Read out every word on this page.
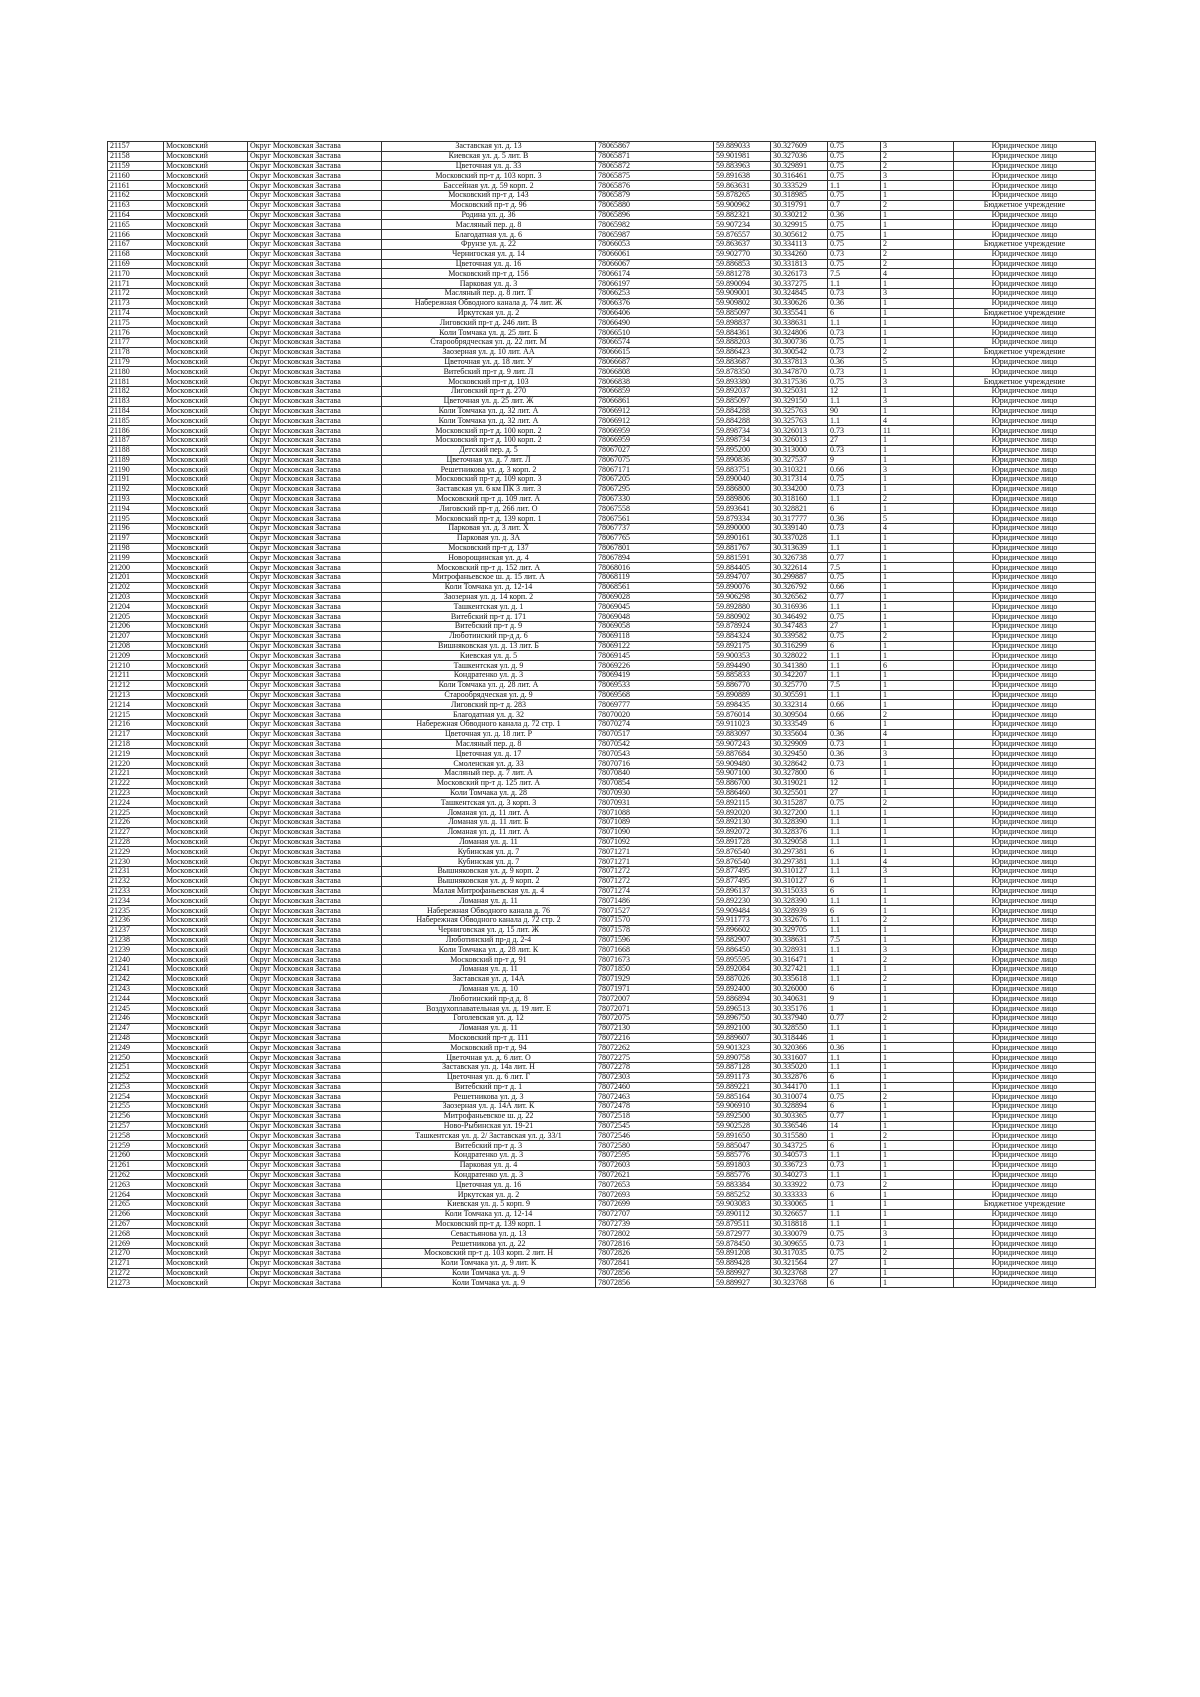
21157	Московский	Округ Московская Застава	Заставская ул. д. 13	78065867	59.889033	30.327609	0.75	3	Юридическое лицо
21158	Московский	Округ Московская Застава	Киевская ул. д. 5 лит. В	78065871	59.901981	30.327036	0.75	2	Юридическое лицо
21159	Московский	Округ Московская Застава	Цветочная ул. д. 33	78065872	59.883963	30.329891	0.75	2	Юридическое лицо
21160	Московский	Округ Московская Застава	Московский пр-т д. 103 корп. 3	78065875	59.891638	30.316461	0.75	3	Юридическое лицо
21161	Московский	Округ Московская Застава	Бассейная ул. д. 59 корп. 2	78065876	59.863631	30.333529	1.1	1	Юридическое лицо
21162	Московский	Округ Московская Застава	Московский пр-т д. 143	78065879	59.878265	30.318985	0.75	1	Юридическое лицо
21163	Московский	Округ Московская Застава	Московский пр-т д. 96	78065880	59.900962	30.319791	0.7	2	Бюджетное учреждение
21164	Московский	Округ Московская Застава	Родина ул. д. 36	78065896	59.882321	30.330212	0.36	1	Юридическое лицо
21165	Московский	Округ Московская Застава	Масляный пер. д. 8	78065982	59.907234	30.329915	0.75	1	Юридическое лицо
21166	Московский	Округ Московская Застава	Благодатная ул. д. 6	78065987	59.876557	30.305612	0.75	1	Юридическое лицо
21167	Московский	Округ Московская Застава	Фрунзе ул. д. 22	78066053	59.863637	30.334113	0.75	2	Бюджетное учреждение
21168	Московский	Округ Московская Застава	Чернигоская ул. д. 14	78066061	59.902770	30.334260	0.73	2	Юридическое лицо
21169	Московский	Округ Московская Застава	Цветочная ул. д. 16	78066067	59.886853	30.331813	0.75	2	Юридическое лицо
21170	Московский	Округ Московская Застава	Московский пр-т д. 156	78066174	59.881278	30.326173	7.5	4	Юридическое лицо
21171	Московский	Округ Московская Застава	Парковая ул. д. 3	78066197	59.890094	30.337275	1.1	1	Юридическое лицо
21172	Московский	Округ Московская Застава	Масляный пер. д. 8 лит. Т	78066253	59.909001	30.324845	0.73	3	Юридическое лицо
21173	Московский	Округ Московская Застава	Набережная Обводного канала д. 74 лит. Ж	78066376	59.909802	30.330626	0.36	1	Юридическое лицо
21174	Московский	Округ Московская Застава	Иркутская ул. д. 2	78066406	59.885097	30.335541	6	1	Бюджетное учреждение
21175	Московский	Округ Московская Застава	Лиговский пр-т д. 246 лит. В	78066490	59.898837	30.338631	1.1	1	Юридическое лицо
21176	Московский	Округ Московская Застава	Коли Томчака ул. д. 25 лит. Б	78066510	59.884361	30.324806	0.73	1	Юридическое лицо
21177	Московский	Округ Московская Застава	Старообрядческая ул. д. 22 лит. М	78066574	59.888203	30.300736	0.75	1	Юридическое лицо
21178	Московский	Округ Московская Застава	Заозерная ул. д. 10 лит. АА	78066615	59.886423	30.300542	0.73	2	Бюджетное учреждение
21179	Московский	Округ Московская Застава	Цветочная ул. д. 18 лит. У	78066687	59.883687	30.337813	0.36	5	Юридическое лицо
21180	Московский	Округ Московская Застава	Витебский пр-т д. 9 лит. Л	78066808	59.878350	30.347870	0.73	1	Юридическое лицо
21181	Московский	Округ Московская Застава	Московский пр-т д. 103	78066838	59.893380	30.317536	0.75	3	Бюджетное учреждение
21182	Московский	Округ Московская Застава	Лиговский пр-т д. 270	78066859	59.892037	30.325031	12	1	Юридическое лицо
21183	Московский	Округ Московская Застава	Цветочная ул. д. 25 лит. Ж	78066861	59.885097	30.329150	1.1	3	Юридическое лицо
21184	Московский	Округ Московская Застава	Коли Томчака ул. д. 32 лит. А	78066912	59.884288	30.325763	90	1	Юридическое лицо
21185	Московский	Округ Московская Застава	Коли Томчака ул. д. 32 лит. А	78066912	59.884288	30.325763	1.1	4	Юридическое лицо
21186	Московский	Округ Московская Застава	Московский пр-т д. 100 корп. 2	78066959	59.898734	30.326013	0.73	11	Юридическое лицо
21187	Московский	Округ Московская Застава	Московский пр-т д. 100 корп. 2	78066959	59.898734	30.326013	27	1	Юридическое лицо
21188	Московский	Округ Московская Застава	Детский пер. д. 5	78067027	59.895200	30.313000	0.73	1	Юридическое лицо
21189	Московский	Округ Московская Застава	Цветочная ул. д. 7 лит. Л	78067075	59.890836	30.327537	9	1	Юридическое лицо
21190	Московский	Округ Московская Застава	Решетникова ул. д. 3 корп. 2	78067171	59.883751	30.310321	0.66	3	Юридическое лицо
21191	Московский	Округ Московская Застава	Московский пр-т д. 109 корп. 3	78067205	59.890040	30.317314	0.75	1	Юридическое лицо
21192	Московский	Округ Московская Застава	Заставская ул. 6 км ПК 3 лит. 3	78067295	59.886800	30.334200	0.73	1	Юридическое лицо
21193	Московский	Округ Московская Застава	Московский пр-т д. 109 лит. А	78067330	59.889806	30.318160	1.1	2	Юридическое лицо
21194	Московский	Округ Московская Застава	Лиговский пр-т д. 266 лит. О	78067558	59.893641	30.328821	6	1	Юридическое лицо
21195	Московский	Округ Московская Застава	Московский пр-т д. 139 корп. 1	78067561	59.879334	30.317777	0.36	5	Юридическое лицо
21196	Московский	Округ Московская Застава	Парковая ул. д. 3 лит. Х	78067737	59.890000	30.339140	0.73	4	Юридическое лицо
21197	Московский	Округ Московская Застава	Парковая ул. д. 3А	78067765	59.890161	30.337028	1.1	1	Юридическое лицо
21198	Московский	Округ Московская Застава	Московский пр-т д. 137	78067801	59.881767	30.313639	1.1	1	Юридическое лицо
21199	Московский	Округ Московская Застава	Новорощинская ул. д. 4	78067894	59.881591	30.326738	0.77	1	Юридическое лицо
21200	Московский	Округ Московская Застава	Московский пр-т д. 152 лит. А	78068016	59.884405	30.322614	7.5	1	Юридическое лицо
21201	Московский	Округ Московская Застава	Митрофаньевское ш. д. 15 лит. А	78068119	59.894707	30.299887	0.75	1	Юридическое лицо
21202	Московский	Округ Московская Застава	Коли Томчака ул. д. 12-14	78068561	59.890076	30.326792	0.66	1	Юридическое лицо
21203	Московский	Округ Московская Застава	Заозерная ул. д. 14 корп. 2	78069028	59.906298	30.326562	0.77	1	Юридическое лицо
21204	Московский	Округ Московская Застава	Ташкентская ул. д. 1	78069045	59.892880	30.316936	1.1	1	Юридическое лицо
21205	Московский	Округ Московская Застава	Витебский пр-т д. 171	78069048	59.880902	30.346492	0.75	1	Юридическое лицо
21206	Московский	Округ Московская Застава	Витебский пр-т д. 9	78069058	59.878924	30.347483	27	1	Юридическое лицо
21207	Московский	Округ Московская Застава	Люботинский пр-д д. 6	78069118	59.884324	30.339582	0.75	2	Юридическое лицо
21208	Московский	Округ Московская Застава	Вишняковская ул. д. 13 лит. Б	78069122	59.892175	30.316299	6	1	Юридическое лицо
21209	Московский	Округ Московская Застава	Киевская ул. д. 5	78069145	59.900353	30.328022	1.1	1	Юридическое лицо
21210	Московский	Округ Московская Застава	Ташкентская ул. д. 9	78069226	59.894490	30.341380	1.1	6	Юридическое лицо
21211	Московский	Округ Московская Застава	Кондратенко ул. д. 3	78069419	59.885833	30.342207	1.1	1	Юридическое лицо
21212	Московский	Округ Московская Застава	Коли Томчака ул. д. 28 лит. А	78069533	59.886770	30.325770	7.5	1	Юридическое лицо
21213	Московский	Округ Московская Застава	Старообрядческая ул. д. 9	78069568	59.890889	30.305591	1.1	1	Юридическое лицо
21214	Московский	Округ Московская Застава	Лиговский пр-т д. 283	78069777	59.898435	30.332314	0.66	1	Юридическое лицо
21215	Московский	Округ Московская Застава	Благодатная ул. д. 32	78070020	59.876014	30.309504	0.66	2	Юридическое лицо
21216	Московский	Округ Московская Застава	Набережная Обводного канала д. 72 стр. 1	78070274	59.911023	30.333549	6	1	Юридическое лицо
21217	Московский	Округ Московская Застава	Цветочная ул. д. 18 лит. Р	78070517	59.883097	30.335604	0.36	4	Юридическое лицо
21218	Московский	Округ Московская Застава	Масляный пер. д. 8	78070542	59.907243	30.329909	0.73	1	Юридическое лицо
21219	Московский	Округ Московская Застава	Цветочная ул. д. 17	78070543	59.887684	30.329450	0.36	3	Юридическое лицо
21220	Московский	Округ Московская Застава	Смоленская ул. д. 33	78070716	59.909480	30.328642	0.73	1	Юридическое лицо
21221	Московский	Округ Московская Застава	Масляный пер. д. 7 лит. А	78070840	59.907100	30.327800	6	1	Юридическое лицо
21222	Московский	Округ Московская Застава	Московский пр-т д. 125 лит. А	78070854	59.886700	30.319021	12	1	Юридическое лицо
21223	Московский	Округ Московская Застава	Коли Томчака ул. д. 28	78070930	59.886460	30.325501	27	1	Юридическое лицо
21224	Московский	Округ Московская Застава	Ташкентская ул. д. 3 корп. 3	78070931	59.892115	30.315287	0.75	2	Юридическое лицо
21225	Московский	Округ Московская Застава	Ломаная ул. д. 11 лит. А	78071088	59.892020	30.327200	1.1	1	Юридическое лицо
21226	Московский	Округ Московская Застава	Ломаная ул. д. 11 лит. Б	78071089	59.892130	30.328390	1.1	1	Юридическое лицо
21227	Московский	Округ Московская Застава	Ломаная ул. д. 11 лит. А	78071090	59.892072	30.328376	1.1	1	Юридическое лицо
21228	Московский	Округ Московская Застава	Ломаная ул. д. 11	78071092	59.891728	30.329058	1.1	1	Юридическое лицо
21229	Московский	Округ Московская Застава	Кубинская ул. д. 7	78071271	59.876540	30.297381	6	1	Юридическое лицо
21230	Московский	Округ Московская Застава	Кубинская ул. д. 7	78071271	59.876540	30.297381	1.1	4	Юридическое лицо
21231	Московский	Округ Московская Застава	Вышняковская ул. д. 9 корп. 2	78071272	59.877495	30.310127	1.1	3	Юридическое лицо
21232	Московский	Округ Московская Застава	Вышняковская ул. д. 9 корп. 2	78071272	59.877495	30.310127	6	1	Юридическое лицо
21233	Московский	Округ Московская Застава	Малая Митрофаньевская ул. д. 4	78071274	59.896137	30.315033	6	1	Юридическое лицо
21234	Московский	Округ Московская Застава	Ломаная ул. д. 11	78071486	59.892230	30.328390	1.1	1	Юридическое лицо
21235	Московский	Округ Московская Застава	Набережная Обводного канала д. 76	78071527	59.909484	30.328939	6	1	Юридическое лицо
21236	Московский	Округ Московская Застава	Набережная Обводного канала д. 72 стр. 2	78071570	59.911773	30.332676	1.1	2	Юридическое лицо
21237	Московский	Округ Московская Застава	Черниговская ул. д. 15 лит. Ж	78071578	59.896602	30.329705	1.1	1	Юридическое лицо
21238	Московский	Округ Московская Застава	Люботинский пр-д д. 2-4	78071596	59.882907	30.338631	7.5	1	Юридическое лицо
21239	Московский	Округ Московская Застава	Коли Томчака ул. д. 28 лит. К	78071668	59.886450	30.328931	1.1	3	Юридическое лицо
21240	Московский	Округ Московская Застава	Московский пр-т д. 91	78071673	59.895595	30.316471	1	2	Юридическое лицо
21241	Московский	Округ Московская Застава	Ломаная ул. д. 11	78071850	59.892084	30.327421	1.1	1	Юридическое лицо
21242	Московский	Округ Московская Застава	Заставская ул. д. 14А	78071929	59.887026	30.335618	1.1	2	Юридическое лицо
21243	Московский	Округ Московская Застава	Ломаная ул. д. 10	78071971	59.892400	30.326000	6	1	Юридическое лицо
21244	Московский	Округ Московская Застава	Люботинский пр-д д. 8	78072007	59.886894	30.340631	9	1	Юридическое лицо
21245	Московский	Округ Московская Застава	Воздухоплавательная ул. д. 19 лит. Е	78072071	59.896513	30.335176	1	1	Юридическое лицо
21246	Московский	Округ Московская Застава	Гоголевская ул. д. 12	78072075	59.896750	30.337940	0.77	2	Юридическое лицо
21247	Московский	Округ Московская Застава	Ломаная ул. д. 11	78072130	59.892100	30.328550	1.1	1	Юридическое лицо
21248	Московский	Округ Московская Застава	Московский пр-т д. 111	78072216	59.889607	30.318446	1	1	Юридическое лицо
21249	Московский	Округ Московская Застава	Московский пр-т д. 94	78072262	59.901323	30.320366	0.36	1	Юридическое лицо
21250	Московский	Округ Московская Застава	Цветочная ул. д. 6 лит. О	78072275	59.890758	30.331607	1.1	1	Юридическое лицо
21251	Московский	Округ Московская Застава	Заставская ул. д. 14а лит. Н	78072278	59.887128	30.335020	1.1	1	Юридическое лицо
21252	Московский	Округ Московская Застава	Цветочная ул. д. 6 лит. Г	78072303	59.891173	30.332876	6	1	Юридическое лицо
21253	Московский	Округ Московская Застава	Витебский пр-т д. 1	78072460	59.889221	30.344170	1.1	1	Юридическое лицо
21254	Московский	Округ Московская Застава	Решетникова ул. д. 3	78072463	59.885164	30.310074	0.75	2	Юридическое лицо
21255	Московский	Округ Московская Застава	Заозерная ул. д. 14А лит. К	78072478	59.906910	30.328894	6	1	Юридическое лицо
21256	Московский	Округ Московская Застава	Митрофаньевское ш. д. 22	78072518	59.892500	30.303365	0.77	1	Юридическое лицо
21257	Московский	Округ Московская Застава	Ново-Рыбинская ул. 19-21	78072545	59.902528	30.336546	14	1	Юридическое лицо
21258	Московский	Округ Московская Застава	Ташкентская ул. д. 2/ Заставская ул. д. 33/1	78072546	59.891650	30.315580	1	2	Юридическое лицо
21259	Московский	Округ Московская Застава	Витебский пр-т д. 3	78072580	59.885047	30.343725	6	1	Юридическое лицо
21260	Московский	Округ Московская Застава	Кондратенко ул. д. 3	78072595	59.885776	30.340573	1.1	1	Юридическое лицо
21261	Московский	Округ Московская Застава	Парковая ул. д. 4	78072603	59.891803	30.336723	0.73	1	Юридическое лицо
21262	Московский	Округ Московская Застава	Кондратенко ул. д. 3	78072621	59.885776	30.340273	1.1	1	Юридическое лицо
21263	Московский	Округ Московская Застава	Цветочная ул. д. 16	78072653	59.883384	30.333922	0.73	2	Юридическое лицо
21264	Московский	Округ Московская Застава	Иркутская ул. д. 2	78072693	59.885252	30.333333	6	1	Юридическое лицо
21265	Московский	Округ Московская Застава	Киевская ул. д. 5 корп. 9	78072699	59.903083	30.330065	1	1	Бюджетное учреждение
21266	Московский	Округ Московская Застава	Коли Томчака ул. д. 12-14	78072707	59.890112	30.326657	1.1	1	Юридическое лицо
21267	Московский	Округ Московская Застава	Московский пр-т д. 139 корп. 1	78072739	59.879511	30.318818	1.1	1	Юридическое лицо
21268	Московский	Округ Московская Застава	Севастьянова ул. д. 13	78072802	59.872977	30.330079	0.75	3	Юридическое лицо
21269	Московский	Округ Московская Застава	Решетникова ул. д. 22	78072816	59.878450	30.309655	0.73	1	Юридическое лицо
21270	Московский	Округ Московская Застава	Московский пр-т д. 103 корп. 2 лит. Н	78072826	59.891208	30.317035	0.75	2	Юридическое лицо
21271	Московский	Округ Московская Застава	Коли Томчака ул. д. 9 лит. К	78072841	59.889428	30.321564	27	1	Юридическое лицо
21272	Московский	Округ Московская Застава	Коли Томчака ул. д. 9	78072856	59.889927	30.323768	27	1	Юридическое лицо
21273	Московский	Округ Московская Застава	Коли Томчака ул. д. 9	78072856	59.889927	30.323768	6	1	Юридическое лицо
